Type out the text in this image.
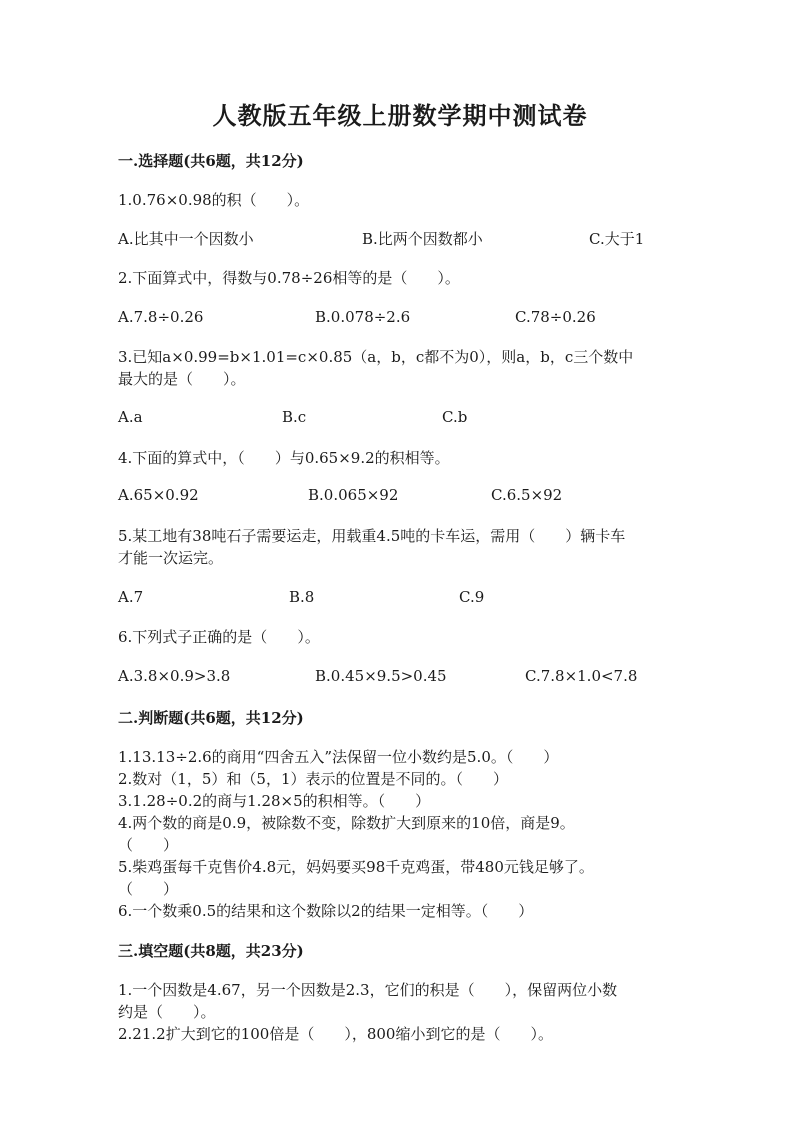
人教版五年级上册数学期中测试卷
一.选择题(共6题，共12分)
1.0.76×0.98的积（　　）。
A.比其中一个因数小	B.比两个因数都小	C.大于1
2.下面算式中，得数与0.78÷26相等的是（　　）。
A.7.8÷0.26	B.0.078÷2.6	C.78÷0.26
3.已知a×0.99=b×1.01=c×0.85（a，b，c都不为0），则a，b，c三个数中
最大的是（　　）。
A.a	B.c	C.b
4.下面的算式中，（　　）与0.65×9.2的积相等。
A.65×0.92	B.0.065×92	C.6.5×92
5.某工地有38吨石子需要运走，用载重4.5吨的卡车运，需用（　　）辆卡车
才能一次运完。
A.7	B.8	C.9
6.下列式子正确的是（　　）。
A.3.8×0.9>3.8	B.0.45×9.5>0.45	C.7.8×1.0<7.8
二.判断题(共6题，共12分)
1.13.13÷2.6的商用“四舍五入”法保留一位小数约是5.0。（　　）
2.数对（1，5）和（5，1）表示的位置是不同的。（　　）
3.1.28÷0.2的商与1.28×5的积相等。（　　）
4.两个数的商是0.9，被除数不变，除数扩大到原来的10倍，商是9。
（　　）
5.柴鸡蛋每千克售价4.8元，妈妈要买98千克鸡蛋，带480元钱足够了。
（　　）
6.一个数乘0.5的结果和这个数除以2的结果一定相等。（　　）
三.填空题(共8题，共23分)
1.一个因数是4.67，另一个因数是2.3，它们的积是（　　），保留两位小数
约是（　　）。
2.21.2扩大到它的100倍是（　　），800缩小到它的是（　　）。
